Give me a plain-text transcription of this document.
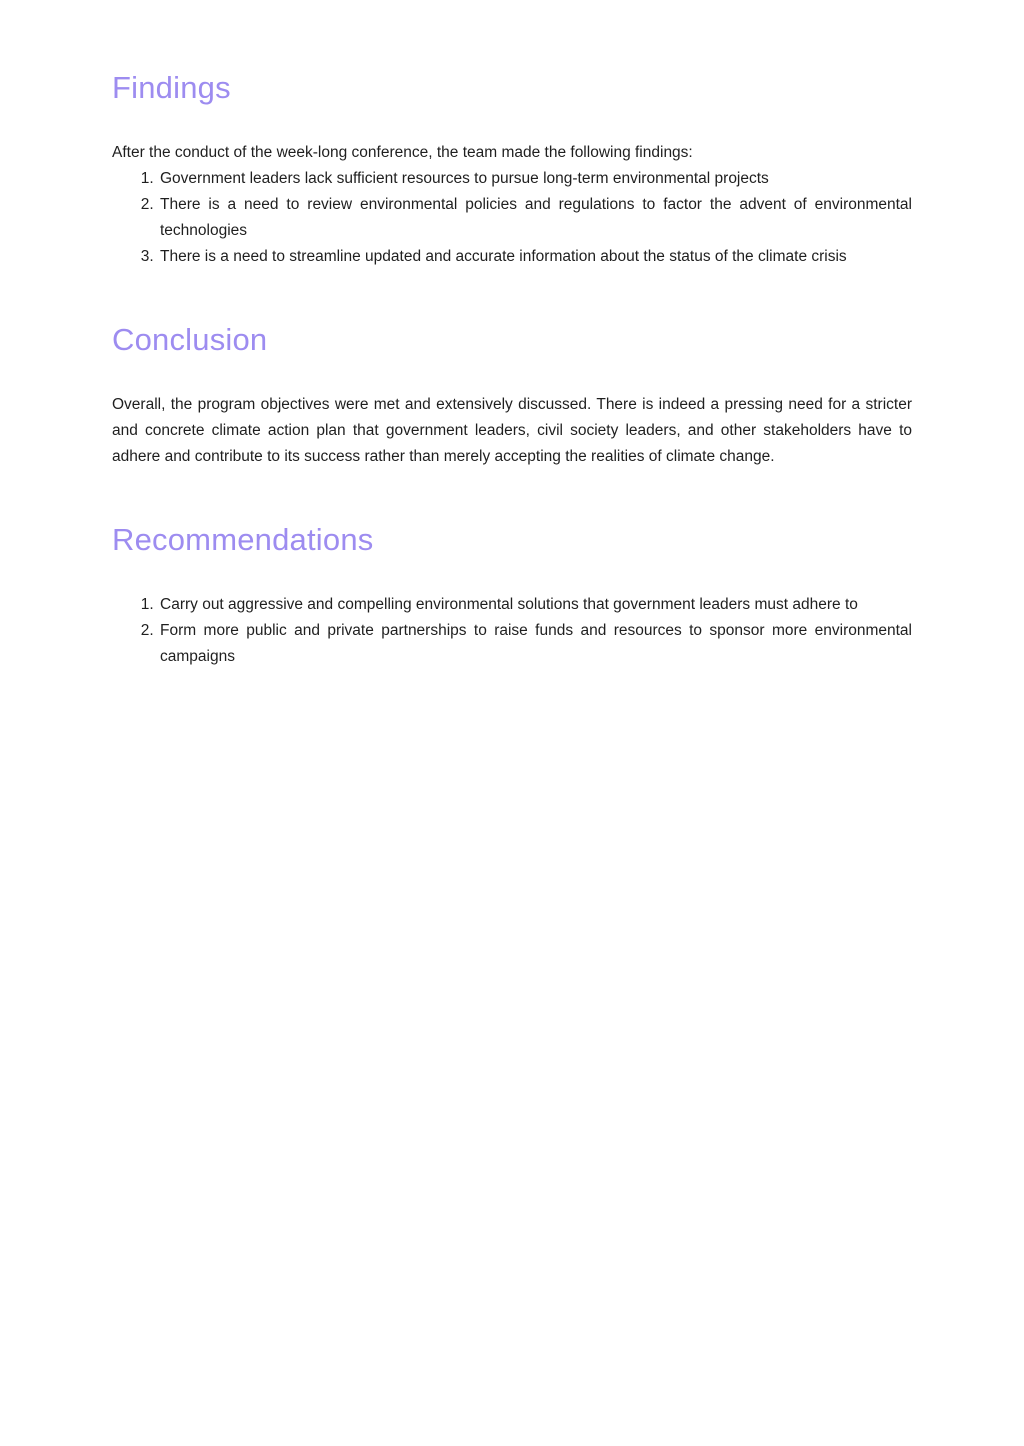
Findings

After the conduct of the week-long conference, the team made the following findings:

1. Government leaders lack sufficient resources to pursue long-term environmental projects
2. There is a need to review environmental policies and regulations to factor the advent of environmental technologies
3. There is a need to streamline updated and accurate information about the status of the climate crisis
Conclusion

Overall, the program objectives were met and extensively discussed. There is indeed a pressing need for a stricter and concrete climate action plan that government leaders, civil society leaders, and other stakeholders have to adhere and contribute to its success rather than merely accepting the realities of climate change.

Recommendations
1. Carry out aggressive and compelling environmental solutions that government leaders must adhere to
2. Form more public and private partnerships to raise funds and resources to sponsor more environmental campaigns
